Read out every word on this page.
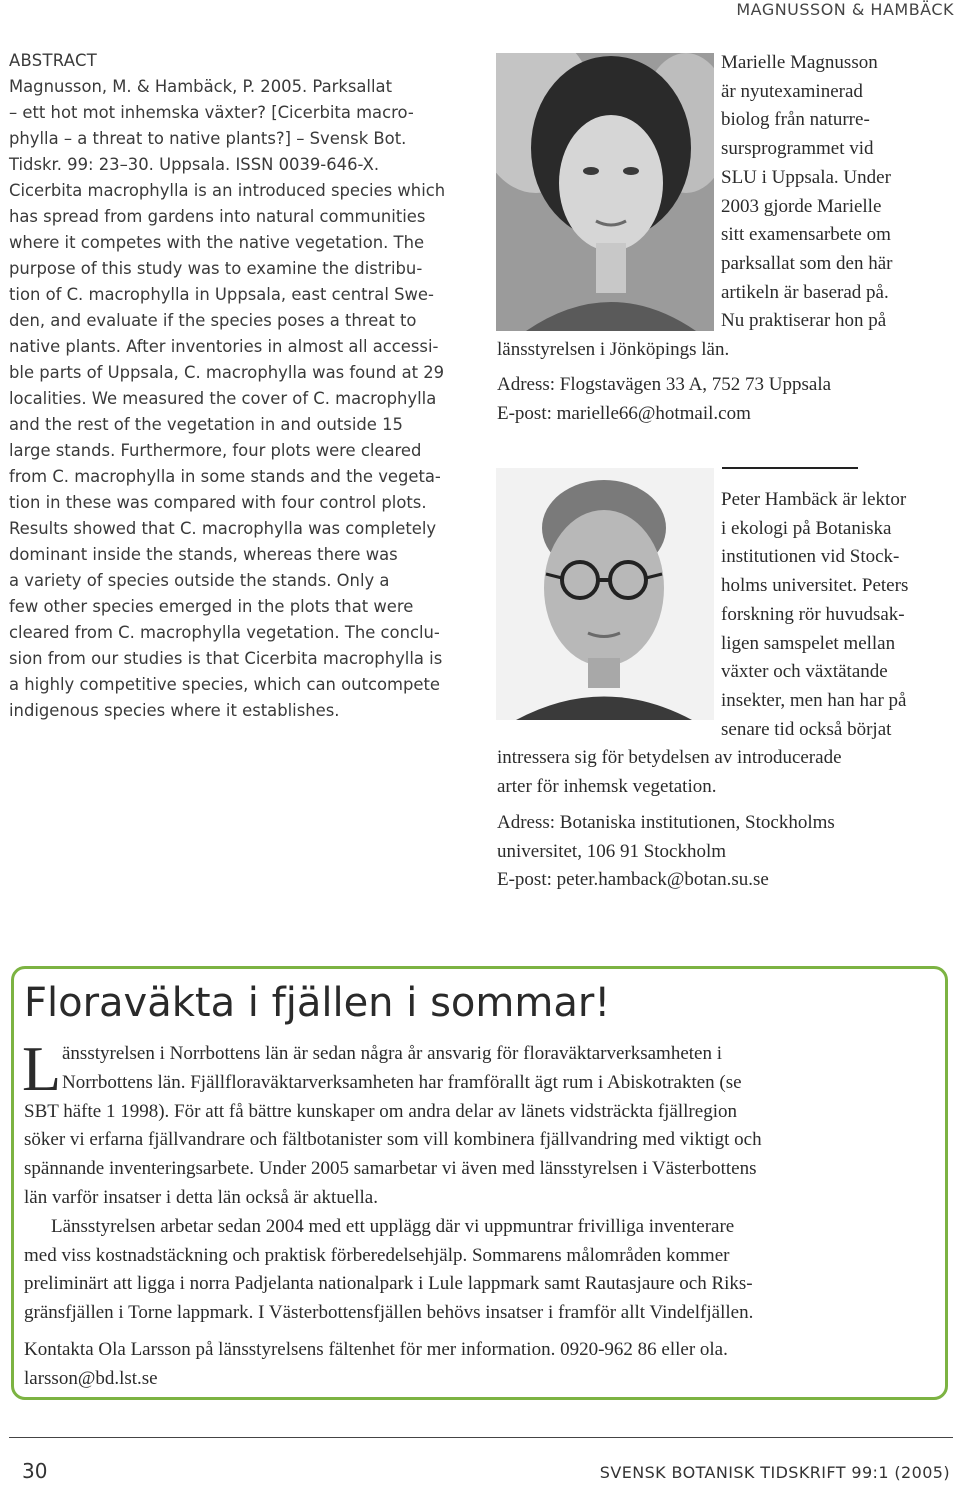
MAGNUSSON & HAMBÄCK
ABSTRACT
Magnusson, M. & Hambäck, P. 2005. Parksallat
– ett hot mot inhemska växter? [Cicerbita macro-
phylla – a threat to native plants?] – Svensk Bot.
Tidskr. 99: 23–30. Uppsala. ISSN 0039-646-X.
Cicerbita macrophylla is an introduced species which
has spread from gardens into natural communities
where it competes with the native vegetation. The
purpose of this study was to examine the distribu-
tion of C. macrophylla in Uppsala, east central Swe-
den, and evaluate if the species poses a threat to
native plants. After inventories in almost all accessi-
ble parts of Uppsala, C. macrophylla was found at 29
localities. We measured the cover of C. macrophylla
and the rest of the vegetation in and outside 15
large stands. Furthermore, four plots were cleared
from C. macrophylla in some stands and the vegeta-
tion in these was compared with four control plots.
Results showed that C. macrophylla was completely
dominant inside the stands, whereas there was
a variety of species outside the stands. Only a
few other species emerged in the plots that were
cleared from C. macrophylla vegetation. The conclu-
sion from our studies is that Cicerbita macrophylla is
a highly competitive species, which can outcompete
indigenous species where it establishes.
Marielle Magnusson
är nyutexaminerad
biolog från naturre-
sursprogrammet vid
SLU i Uppsala. Under
2003 gjorde Marielle
sitt examensarbete om
parksallat som den här
artikeln är baserad på.
Nu praktiserar hon på
länsstyrelsen i Jönköpings län.
Adress: Flogstavägen 33 A, 752 73 Uppsala
E-post: marielle66@hotmail.com
Peter Hambäck är lektor
i ekologi på Botaniska
institutionen vid Stock-
holms universitet. Peters
forskning rör huvudsak-
ligen samspelet mellan
växter och växtätande
insekter, men han har på
senare tid också börjat
intressera sig för betydelsen av introducerade
arter för inhemsk vegetation.
Adress: Botaniska institutionen, Stockholms
universitet, 106 91 Stockholm
E-post: peter.hamback@botan.su.se
Floraväkta i fjällen i sommar!
L änsstyrelsen i Norrbottens län är sedan några år ansvarig för floraväktarverksamheten i
Norrbottens län. Fjällfloraväktarverksamheten har framförallt ägt rum i Abiskotrakten (se
SBT häfte 1 1998). För att få bättre kunskaper om andra delar av länets vidsträckta fjällregion
söker vi erfarna fjällvandrare och fältbotanister som vill kombinera fjällvandring med viktigt och
spännande inventeringsarbete. Under 2005 samarbetar vi även med länsstyrelsen i Västerbottens
län varför insatser i detta län också är aktuella.
Länsstyrelsen arbetar sedan 2004 med ett upplägg där vi uppmuntrar frivilliga inventerare
med viss kostnadstäckning och praktisk förberedelsehjälp. Sommarens målområden kommer
preliminärt att ligga i norra Padjelanta nationalpark i Lule lappmark samt Rautasjaure och Riks-
gränsfjällen i Torne lappmark. I Västerbottensfjällen behövs insatser i framför allt Vindelfjällen.
Kontakta Ola Larsson på länsstyrelsens fältenhet för mer information. 0920-962 86 eller ola.
larsson@bd.lst.se
30	SVENSK BOTANISK TIDSKRIFT 99:1 (2005)
